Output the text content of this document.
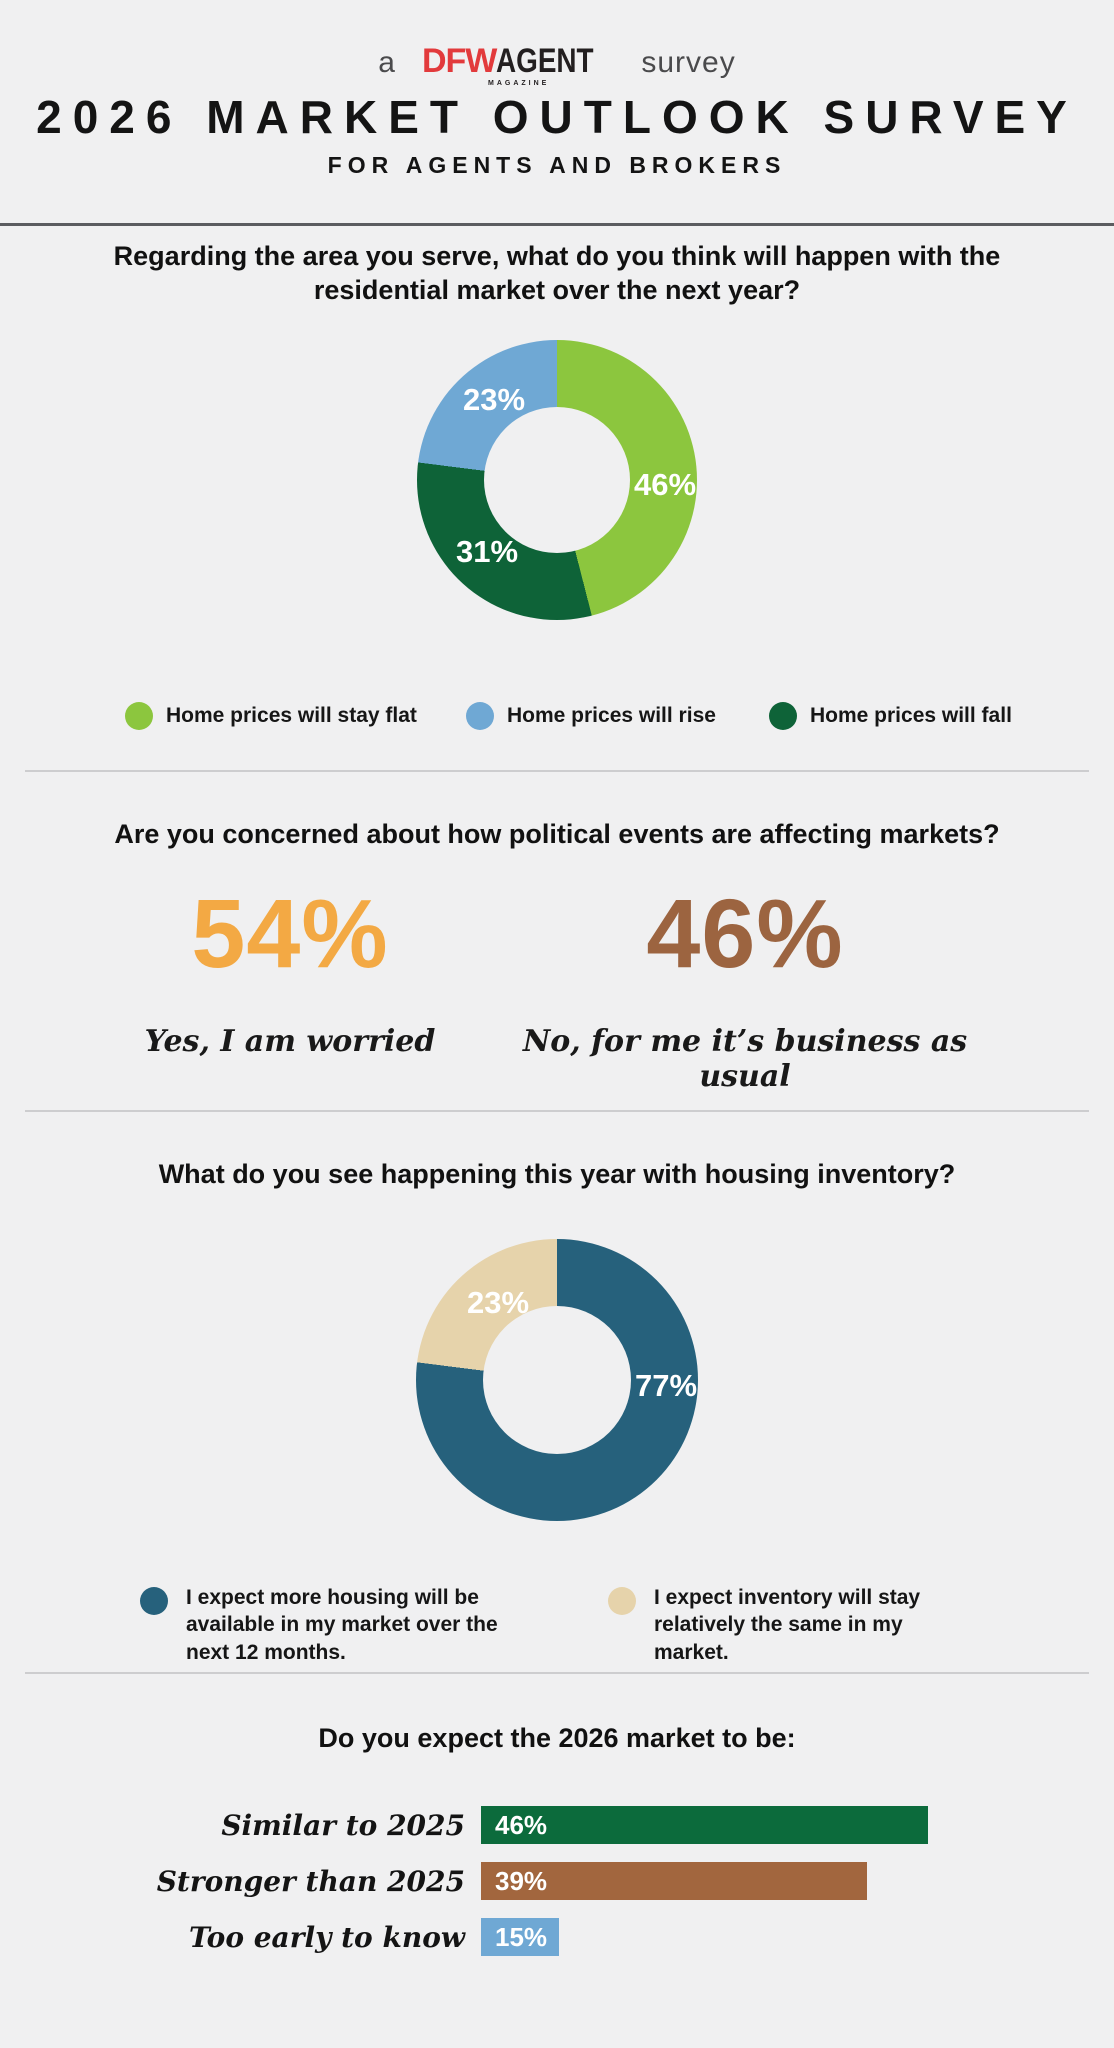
a DFWAGENT
MAGAZINE
survey
2026 MARKET OUTLOOK SURVEY
FOR AGENTS AND BROKERS
Regarding the area you serve, what do you think will happen with the residential market over the next year?
46%
31%
23%
Home prices will stay flat	Home prices will rise	Home prices will fall
Are you concerned about how political events are affecting markets?
54%
Yes, I am worried
46%
No, for me it’s business as usual
What do you see happening this year with housing inventory?
77%
23%
I expect more housing will be available in my market over the next 12 months.
I expect inventory will stay relatively the same in my market.
Do you expect the 2026 market to be:
Similar to 2025	46%
Stronger than 2025	39%
Too early to know	15%
